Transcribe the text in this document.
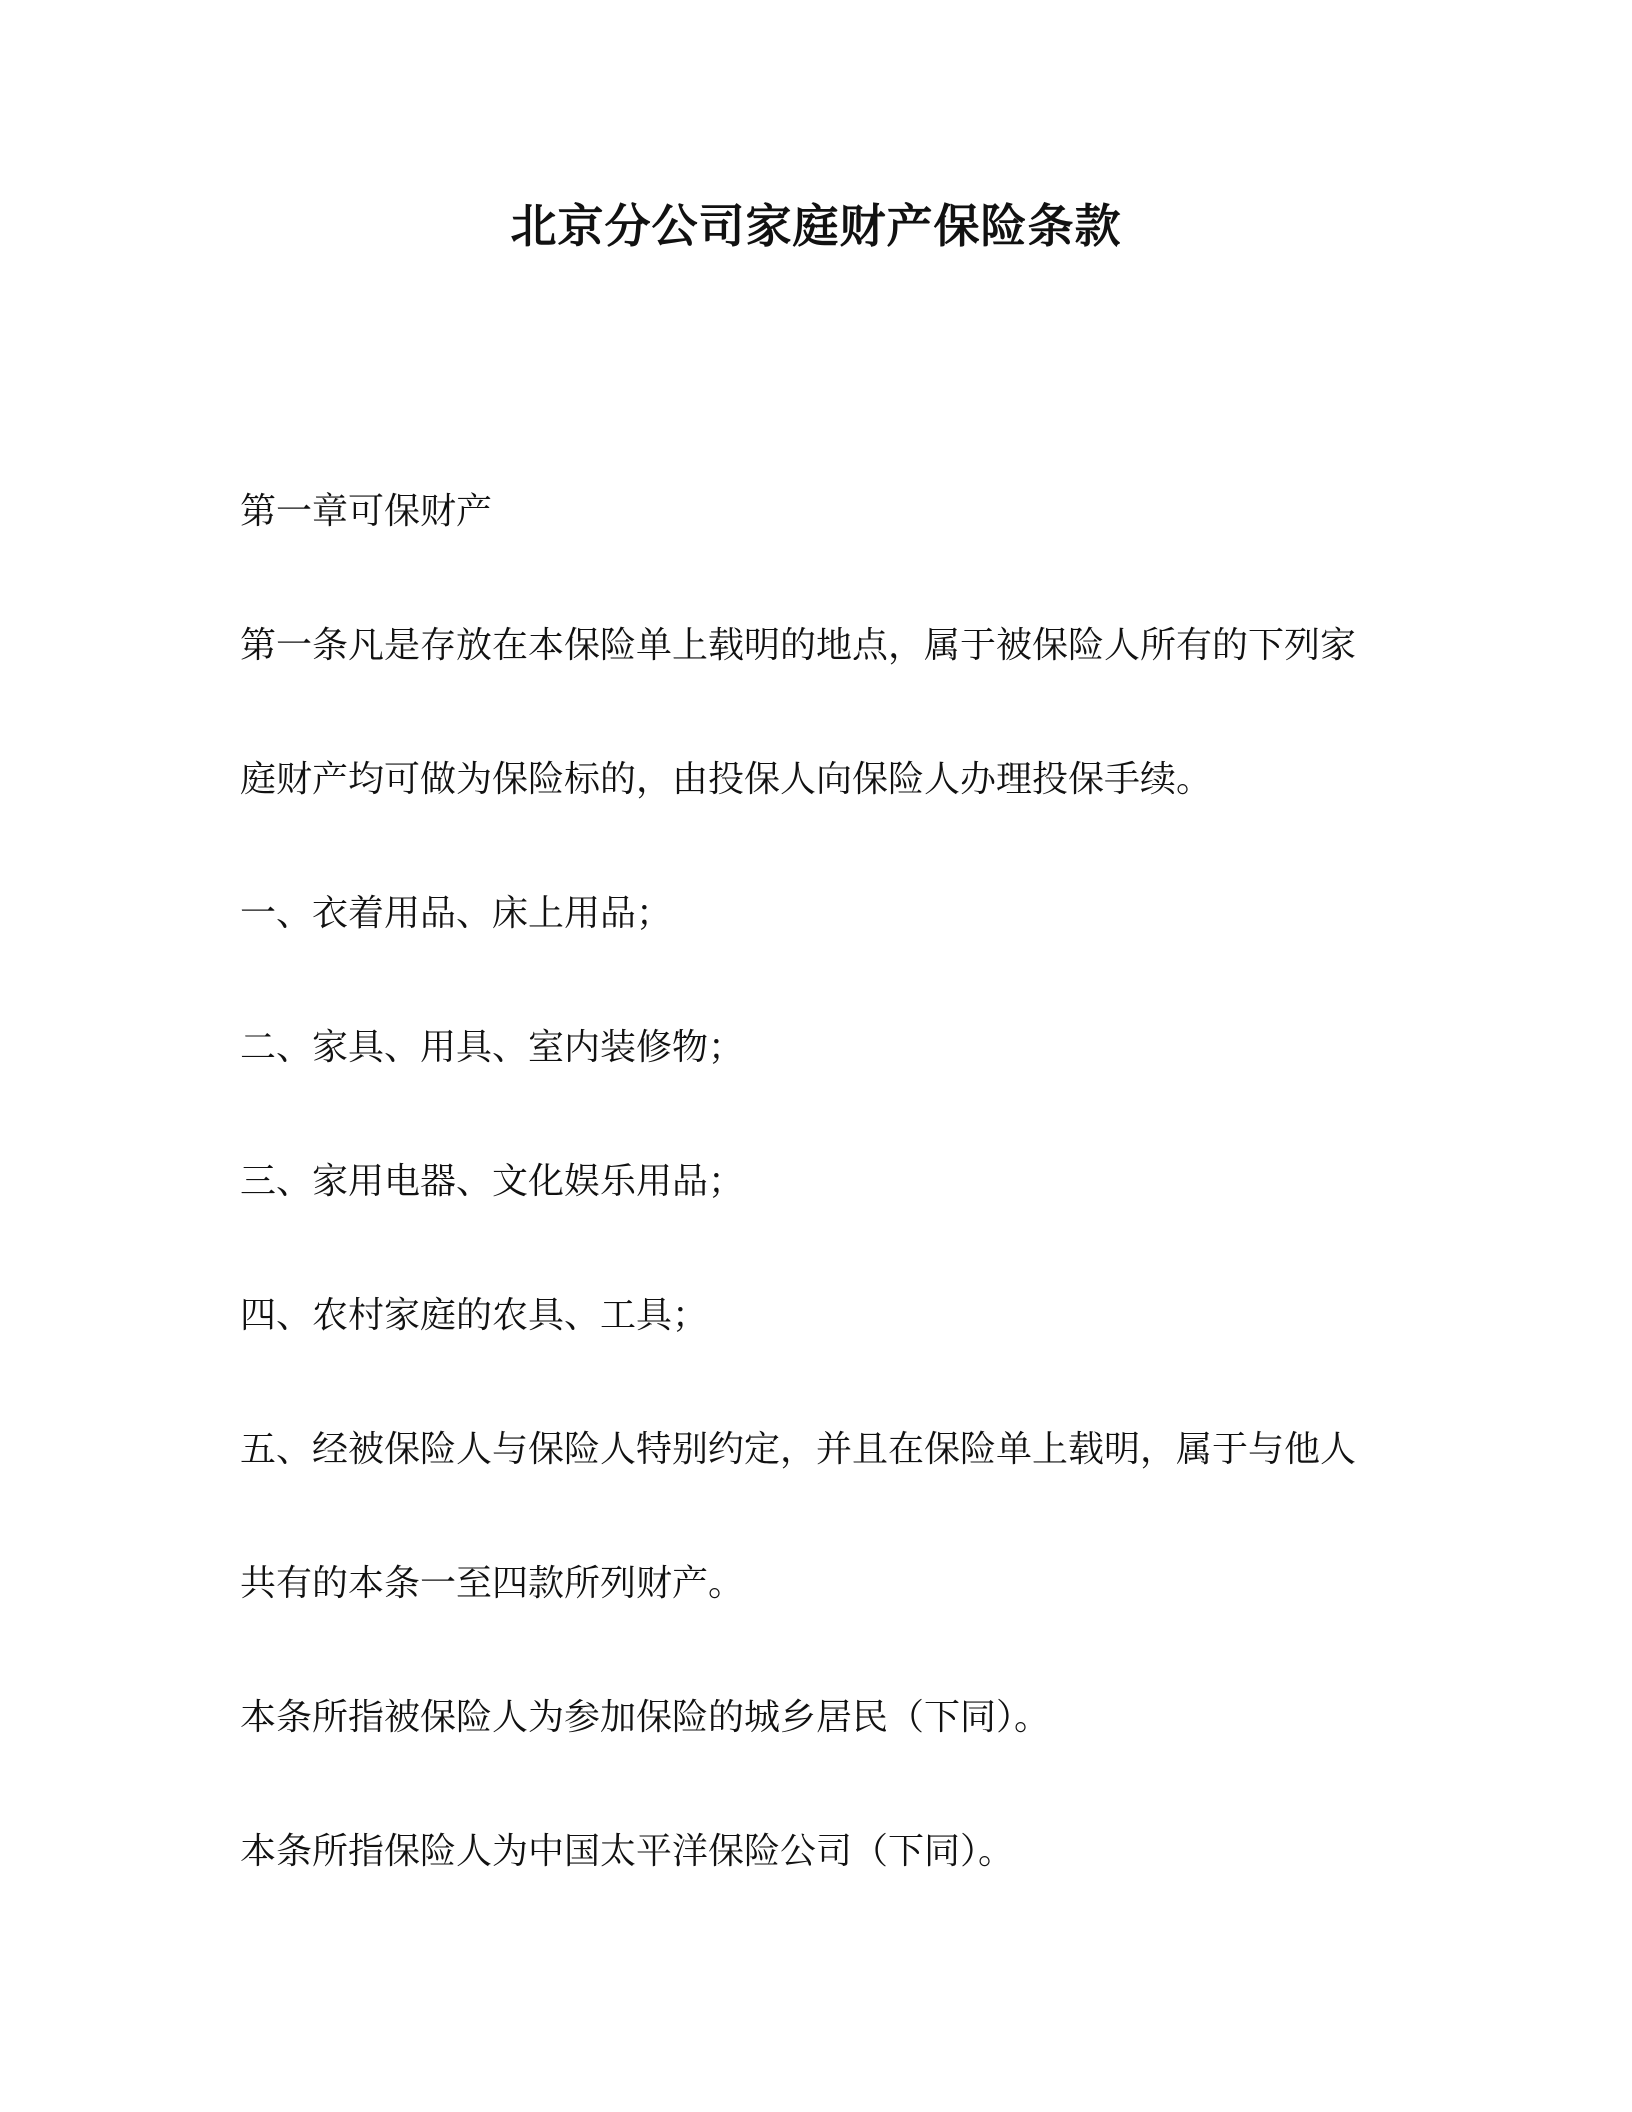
北京分公司家庭财产保险条款
第一章可保财产
第一条凡是存放在本保险单上载明的地点，属于被保险人所有的下列家
庭财产均可做为保险标的，由投保人向保险人办理投保手续。
一、衣着用品、床上用品；
二、家具、用具、室内装修物；
三、家用电器、文化娱乐用品；
四、农村家庭的农具、工具；
五、经被保险人与保险人特别约定，并且在保险单上载明，属于与他人
共有的本条一至四款所列财产。
本条所指被保险人为参加保险的城乡居民（下同）。
本条所指保险人为中国太平洋保险公司（下同）。
